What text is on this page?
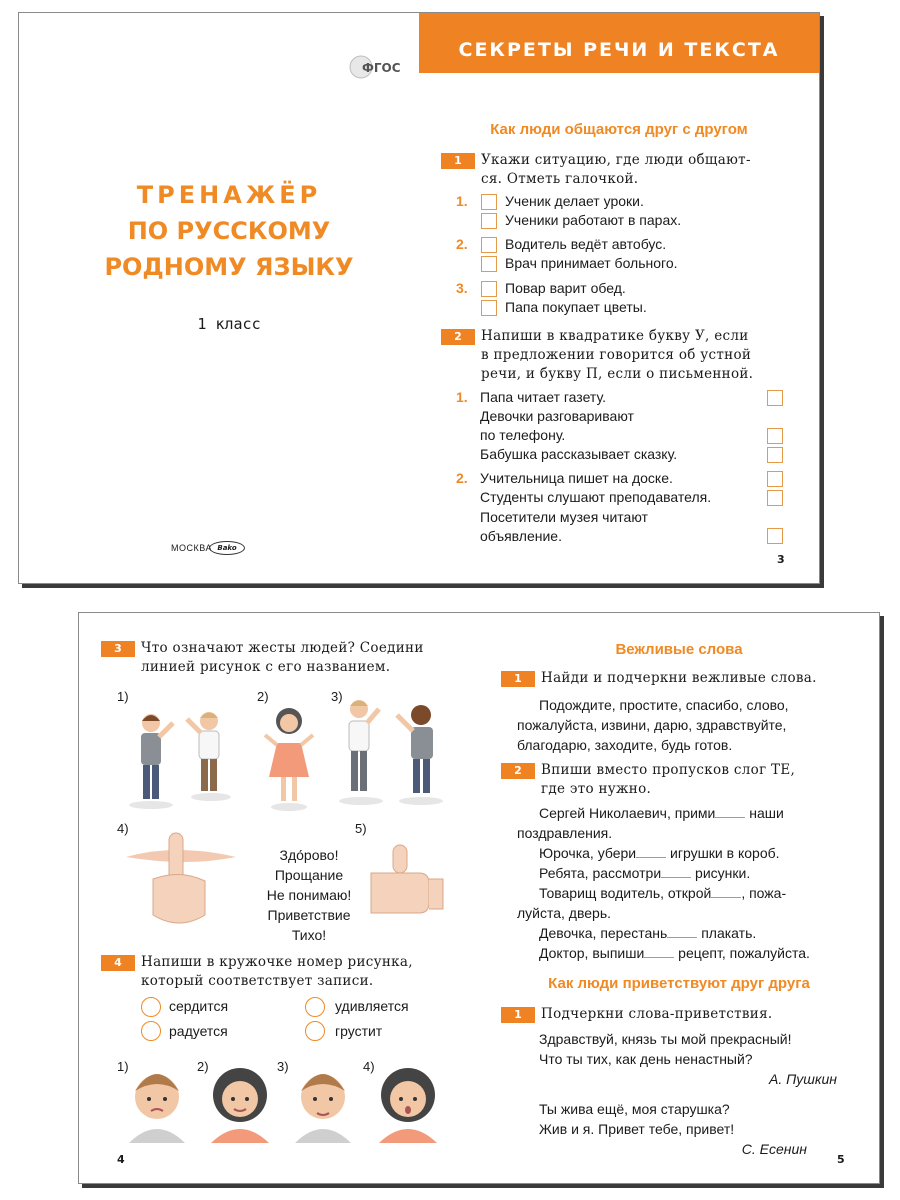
ФГОС
ТРЕНАЖЁР
ПО РУССКОМУ
РОДНОМУ ЯЗЫКУ
1 класс
МОСКВА Bako
СЕКРЕТЫ РЕЧИ И ТЕКСТА
Как люди общаются друг с другом
1	Укажи ситуацию, где люди общают-
ся. Отметь галочкой.
1.	Ученик делает уроки.
Ученики работают в парах.
2.	Водитель ведёт автобус.
Врач принимает больного.
3.	Повар варит обед.
Папа покупает цветы.
2	Напиши в квадратике букву У, если
в предложении говорится об устной
речи, и букву П, если о письменной.
1. Папа читает газету.
Девочки разговаривают
по телефону.
Бабушка рассказывает сказку.
2. Учительница пишет на доске.
Студенты слушают преподавателя.
Посетители музея читают
объявление.
3
3	Что означают жесты людей? Соедини
линией рисунок с его названием.
1)	2)	3)
4)	5)
Здо́рово!
Прощание
Не понимаю!
Приветствие
Тихо!
4	Напиши в кружочке номер рисунка,
который соответствует записи.
сердится	удивляется
радуется	грустит
1)	2)	3)	4)
4
Вежливые слова
1	Найди и подчеркни вежливые слова.
Подождите, простите, спасибо, слово,
пожалуйста, извини, дарю, здравствуйте,
благодарю, заходите, будь готов.
2	Впиши вместо пропусков слог ТЕ,
где это нужно.
Сергей Николаевич, прими наши
поздравления.
Юрочка, убери игрушки в короб.
Ребята, рассмотри рисунки.
Товарищ водитель, открой , пожа-
луйста, дверь.
Девочка, перестань плакать.
Доктор, выпиши рецепт, пожалуйста.
Как люди приветствуют друг друга
1	Подчеркни слова-приветствия.
Здравствуй, князь ты мой прекрасный!
Что ты тих, как день ненастный?
А. Пушкин
Ты жива ещё, моя старушка?
Жив и я. Привет тебе, привет!
С. Есенин
5
